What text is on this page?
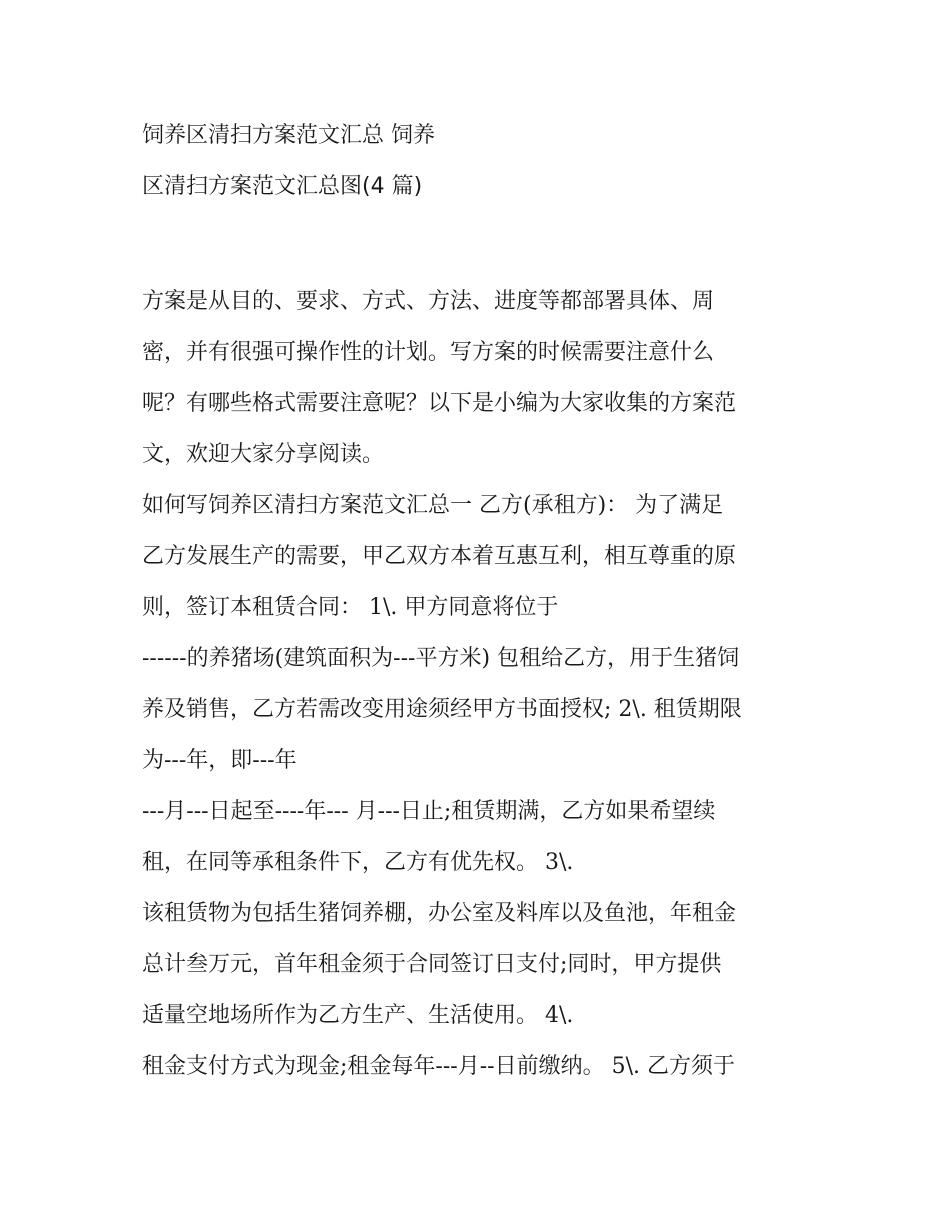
饲养区清扫方案范文汇总 饲养
区清扫方案范文汇总图(4 篇)
方案是从目的、要求、方式、方法、进度等都部署具体、周
密，并有很强可操作性的计划。写方案的时候需要注意什么
呢？有哪些格式需要注意呢？以下是小编为大家收集的方案范
文，欢迎大家分享阅读。
如何写饲养区清扫方案范文汇总一 乙方(承租方)： 为了满足
乙方发展生产的需要，甲乙双方本着互惠互利，相互尊重的原
则，签订本租赁合同： 1\. 甲方同意将位于
------的养猪场(建筑面积为---平方米) 包租给乙方，用于生猪饲
养及销售，乙方若需改变用途须经甲方书面授权; 2\. 租赁期限
为---年，即---年
---月---日起至----年--- 月---日止;租赁期满，乙方如果希望续
租，在同等承租条件下，乙方有优先权。 3\.
该租赁物为包括生猪饲养棚，办公室及料库以及鱼池，年租金
总计叁万元，首年租金须于合同签订日支付;同时，甲方提供
适量空地场所作为乙方生产、生活使用。 4\.
租金支付方式为现金;租金每年---月--日前缴纳。 5\. 乙方须于
